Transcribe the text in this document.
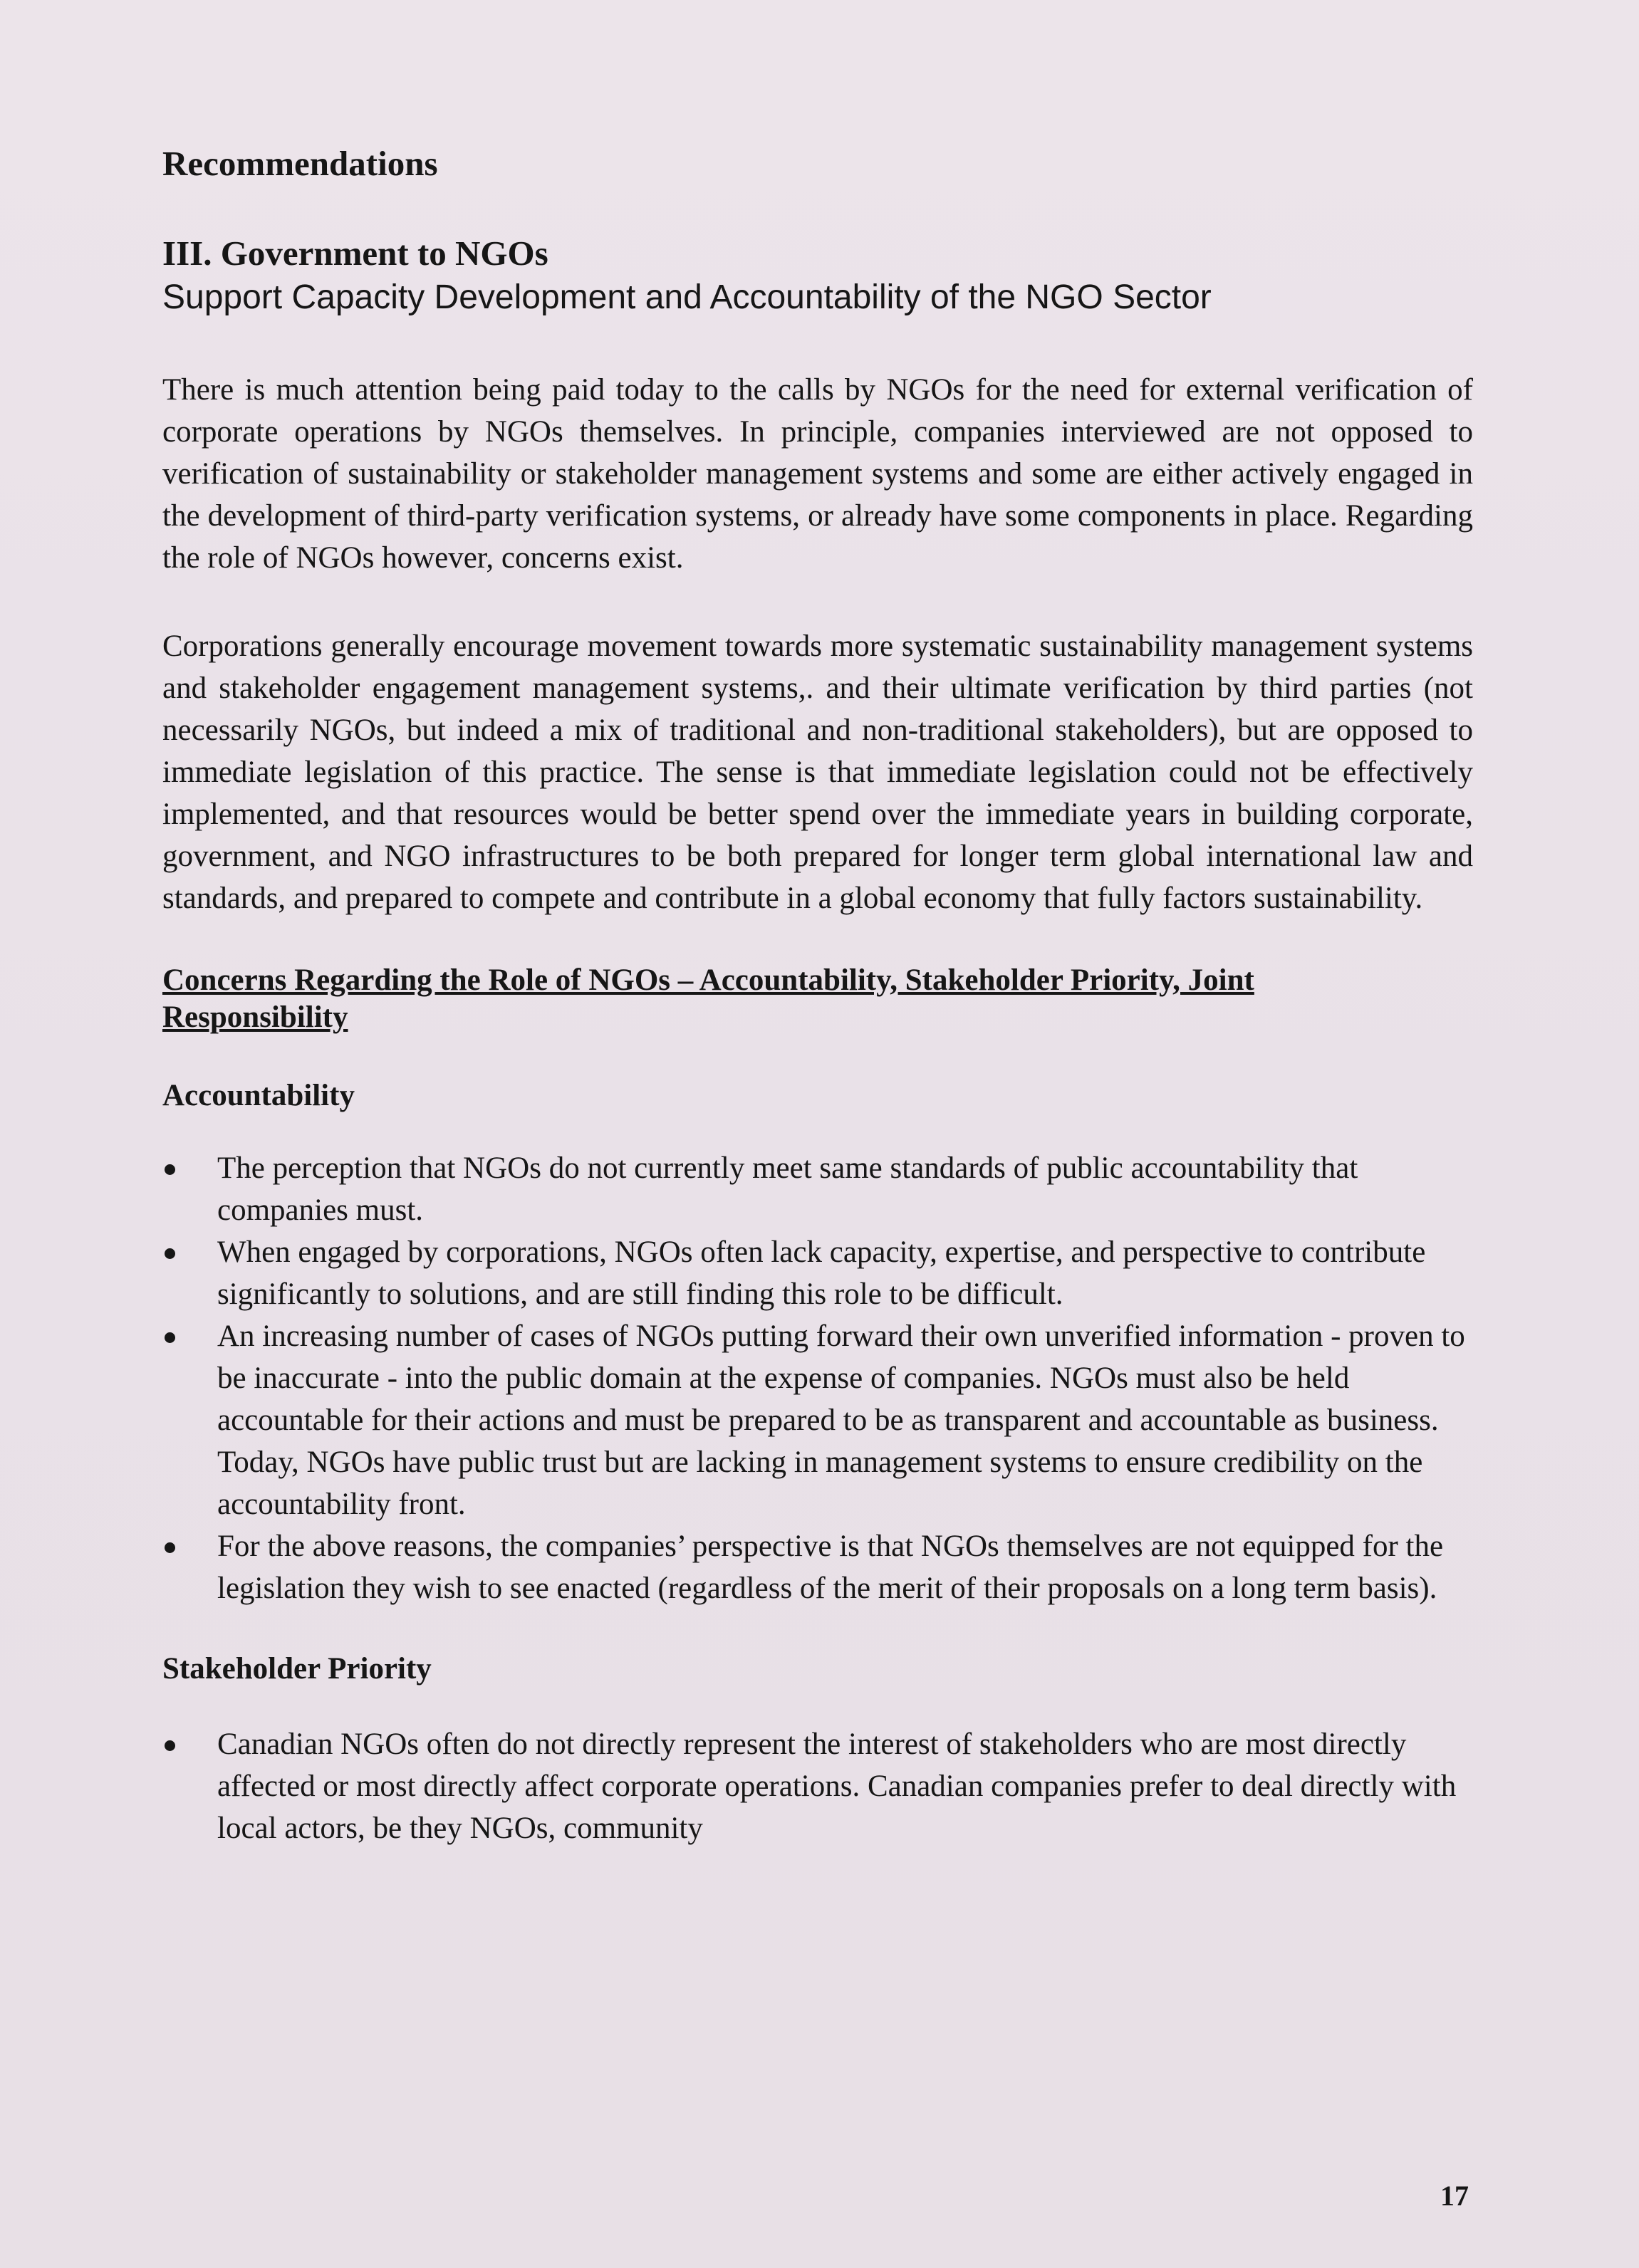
Recommendations
III. Government to NGOs
Support Capacity Development and Accountability of the NGO Sector

There is much attention being paid today to the calls by NGOs for the need for external verification of corporate operations by NGOs themselves. In principle, companies interviewed are not opposed to verification of sustainability or stakeholder management systems and some are either actively engaged in the development of third-party verification systems, or already have some components in place. Regarding the role of NGOs however, concerns exist.

Corporations generally encourage movement towards more systematic sustainability management systems and stakeholder engagement management systems,. and their ultimate verification by third parties (not necessarily NGOs, but indeed a mix of traditional and non-traditional stakeholders), but are opposed to immediate legislation of this practice. The sense is that immediate legislation could not be effectively implemented, and that resources would be better spend over the immediate years in building corporate, government, and NGO infrastructures to be both prepared for longer term global international law and standards, and prepared to compete and contribute in a global economy that fully factors sustainability.

Concerns Regarding the Role of NGOs – Accountability, Stakeholder Priority, Joint Responsibility
Accountability
The perception that NGOs do not currently meet same standards of public accountability that companies must.
When engaged by corporations, NGOs often lack capacity, expertise, and perspective to contribute significantly to solutions, and are still finding this role to be difficult.
An increasing number of cases of NGOs putting forward their own unverified information - proven to be inaccurate - into the public domain at the expense of companies. NGOs must also be held accountable for their actions and must be prepared to be as transparent and accountable as business. Today, NGOs have public trust but are lacking in management systems to ensure credibility on the accountability front.
For the above reasons, the companies’ perspective is that NGOs themselves are not equipped for the legislation they wish to see enacted (regardless of the merit of their proposals on a long term basis).
Stakeholder Priority
Canadian NGOs often do not directly represent the interest of stakeholders who are most directly affected or most directly affect corporate operations. Canadian companies prefer to deal directly with local actors, be they NGOs, community
17
